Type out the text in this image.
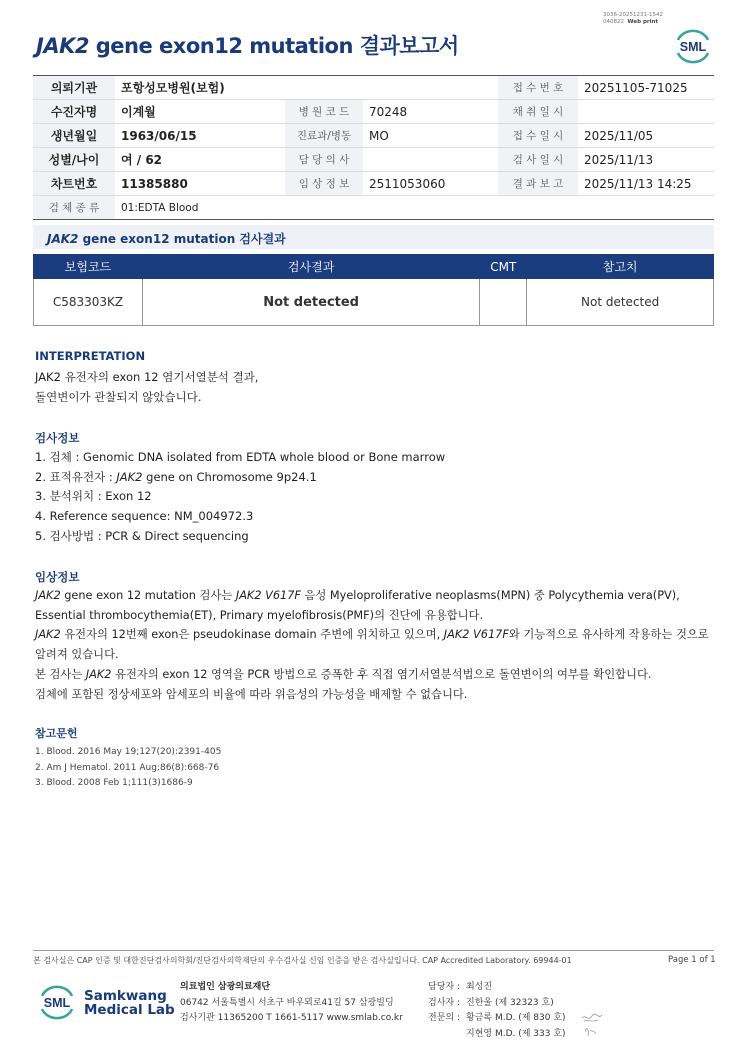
3036-20251231-1542
040822 Web print
JAK2 gene exon12 mutation 결과보고서	SML
의뢰기관	포항성모병원(보험)			접 수 번 호	20251105-71025
수진자명	이계월	병 원 코 드	70248	채 취 일 시	
생년월일	1963/06/15	진료과/병동	MO	접 수 일 시	2025/11/05
성별/나이	여 / 62	담 당 의 사		검 사 일 시	2025/11/13
차트번호	11385880	임 상 정 보	2511053060	결 과 보 고	2025/11/13 14:25
검 체 종 류	01:EDTA Blood				
JAK2 gene exon12 mutation 검사결과
보험코드	검사결과	CMT	참고치
C583303KZ	Not detected		Not detected
INTERPRETATION
JAK2 유전자의 exon 12 염기서열분석 결과,
돌연변이가 관찰되지 않았습니다.
검사정보
1. 검체 : Genomic DNA isolated from EDTA whole blood or Bone marrow
2. 표적유전자 : JAK2 gene on Chromosome 9p24.1
3. 분석위치 : Exon 12
4. Reference sequence: NM_004972.3
5. 검사방법 : PCR & Direct sequencing
임상정보
JAK2 gene exon 12 mutation 검사는 JAK2 V617F 음성 Myeloproliferative neoplasms(MPN) 중 Polycythemia vera(PV),
Essential thrombocythemia(ET), Primary myelofibrosis(PMF)의 진단에 유용합니다.
JAK2 유전자의 12번째 exon은 pseudokinase domain 주변에 위치하고 있으며, JAK2 V617F와 기능적으로 유사하게 작용하는 것으로
알려져 있습니다.
본 검사는 JAK2 유전자의 exon 12 영역을 PCR 방법으로 증폭한 후 직접 염기서열분석법으로 돌연변이의 여부를 확인합니다.
검체에 포함된 정상세포와 암세포의 비율에 따라 위음성의 가능성을 배제할 수 없습니다.
참고문헌
1. Blood. 2016 May 19;127(20):2391-405
2. Am J Hematol. 2011 Aug;86(8):668-76
3. Blood. 2008 Feb 1;111(3)1686-9
본 검사실은 CAP 인증 및 대한진단검사의학회/진단검사의학재단의 우수검사실 신임 인증을 받은 검사실입니다. CAP Accredited Laboratory. 69944-01	Page 1 of 1
SML Samkwang
Medical Lab
의료법인 삼광의료재단
06742 서울특별시 서초구 바우뫼로41길 57 삼광빌딩
검사기관 11365200 T 1661-5117 www.smlab.co.kr
담당자 : 최성진
검사자 : 진한울 (제 32323 호)
전문의 : 황금록 M.D. (제 830 호)
지현영 M.D. (제 333 호)
